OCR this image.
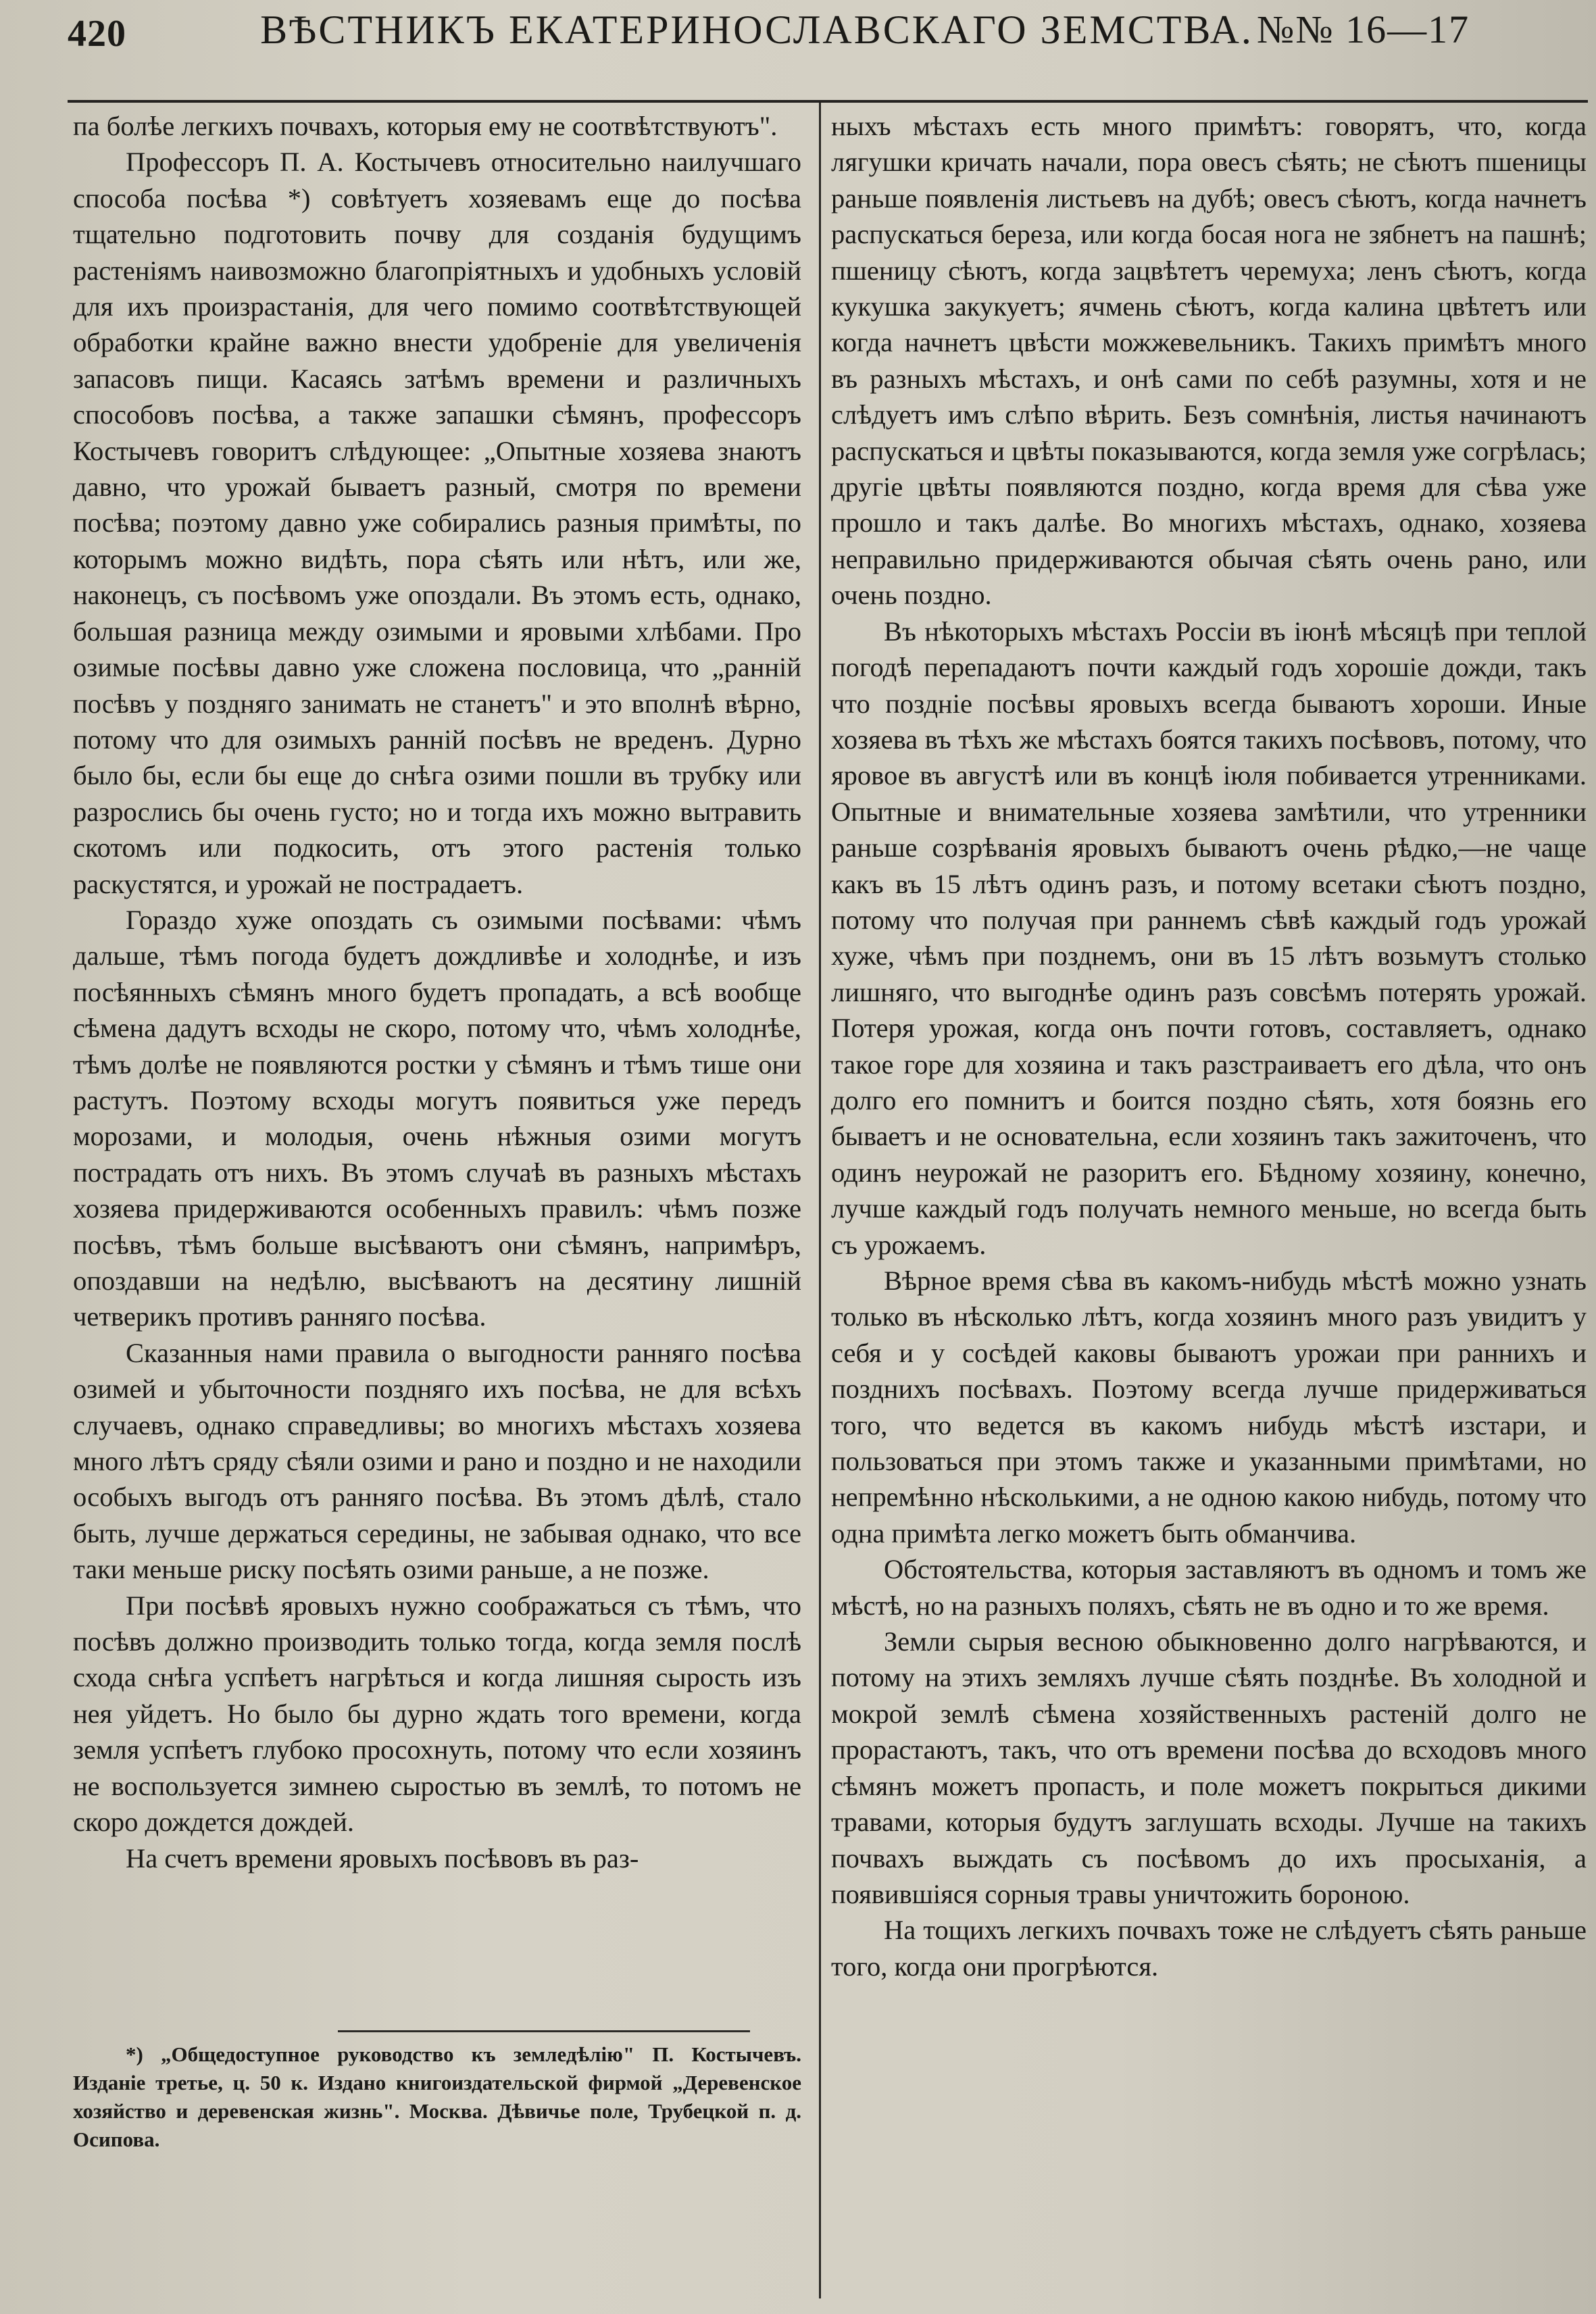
420	ВѢСТНИКЪ ЕКАТЕРИНОСЛАВСКАГО ЗЕМСТВА. №№ 16—17

па болѣе легкихъ почвахъ, которыя ему не соотвѣтствуютъ".

Профессоръ П. А. Костычевъ относительно наилучшаго способа посѣва *) совѣтуетъ хозяевамъ еще до посѣва тщательно подготовить почву для созданія будущимъ растеніямъ наивозможно благопріятныхъ и удобныхъ условій для ихъ произрастанія, для чего помимо соотвѣтствующей обработки крайне важно внести удобреніе для увеличенія запасовъ пищи. Касаясь затѣмъ времени и различныхъ способовъ посѣва, а также запашки сѣмянъ, профессоръ Костычевъ говоритъ слѣдующее: „Опытные хозяева знаютъ давно, что урожай бываетъ разный, смотря по времени посѣва; поэтому давно уже собирались разныя примѣты, по которымъ можно видѣть, пора сѣять или нѣтъ, или же, наконецъ, съ посѣвомъ уже опоздали. Въ этомъ есть, однако, большая разница между озимыми и яровыми хлѣбами. Про озимые посѣвы давно уже сложена пословица, что „ранній посѣвъ у поздняго занимать не станетъ" и это вполнѣ вѣрно, потому что для озимыхъ ранній посѣвъ не вреденъ. Дурно было бы, если бы еще до снѣга озими пошли въ трубку или разрослись бы очень густо; но и тогда ихъ можно вытравить скотомъ или подкосить, отъ этого растенія только раскустятся, и урожай не пострадаетъ.

Гораздо хуже опоздать съ озимыми посѣвами: чѣмъ дальше, тѣмъ погода будетъ дождливѣе и холоднѣе, и изъ посѣянныхъ сѣмянъ много будетъ пропадать, а всѣ вообще сѣмена дадутъ всходы не скоро, потому что, чѣмъ холоднѣе, тѣмъ долѣе не появляются ростки у сѣмянъ и тѣмъ тише они растутъ. Поэтому всходы могутъ появиться уже передъ морозами, и молодыя, очень нѣжныя озими могутъ пострадать отъ нихъ. Въ этомъ случаѣ въ разныхъ мѣстахъ хозяева придерживаются особенныхъ правилъ: чѣмъ позже посѣвъ, тѣмъ больше высѣваютъ они сѣмянъ, напримѣръ, опоздавши на недѣлю, высѣваютъ на десятину лишній четверикъ противъ ранняго посѣва.

Сказанныя нами правила о выгодности ранняго посѣва озимей и убыточности поздняго ихъ посѣва, не для всѣхъ случаевъ, однако справедливы; во многихъ мѣстахъ хозяева много лѣтъ сряду сѣяли озими и рано и поздно и не находили особыхъ выгодъ отъ ранняго посѣва. Въ этомъ дѣлѣ, стало быть, лучше держаться середины, не забывая однако, что все таки меньше риску посѣять озими раньше, а не позже.

При посѣвѣ яровыхъ нужно соображаться съ тѣмъ, что посѣвъ должно производить только тогда, когда земля послѣ схода снѣга успѣетъ нагрѣться и когда лишняя сырость изъ нея уйдетъ. Но было бы дурно ждать того времени, когда земля успѣетъ глубоко просохнуть, потому что если хозяинъ не воспользуется зимнею сыростью въ землѣ, то потомъ не скоро дождется дождей.

На счетъ времени яровыхъ посѣвовъ въ раз-

*) „Общедоступное руководство къ земледѣлію" П. Костычевъ. Изданіе третье, ц. 50 к. Издано книгоиздательской фирмой „Деревенское хозяйство и деревенская жизнь". Москва. Дѣвичье поле, Трубецкой п. д. Осипова.

ныхъ мѣстахъ есть много примѣтъ: говорятъ, что, когда лягушки кричать начали, пора овесъ сѣять; не сѣютъ пшеницы раньше появленія листьевъ на дубѣ; овесъ сѣютъ, когда начнетъ распускаться береза, или когда босая нога не зябнетъ на пашнѣ; пшеницу сѣютъ, когда зацвѣтетъ черемуха; ленъ сѣютъ, когда кукушка закукуетъ; ячмень сѣютъ, когда калина цвѣтетъ или когда начнетъ цвѣсти можжевельникъ. Такихъ примѣтъ много въ разныхъ мѣстахъ, и онѣ сами по себѣ разумны, хотя и не слѣдуетъ имъ слѣпо вѣрить. Безъ сомнѣнія, листья начинаютъ распускаться и цвѣты показываются, когда земля уже согрѣлась; другіе цвѣты появляются поздно, когда время для сѣва уже прошло и такъ далѣе. Во многихъ мѣстахъ, однако, хозяева неправильно придерживаются обычая сѣять очень рано, или очень поздно.

Въ нѣкоторыхъ мѣстахъ Россіи въ іюнѣ мѣсяцѣ при теплой погодѣ перепадаютъ почти каждый годъ хорошіе дожди, такъ что поздніе посѣвы яровыхъ всегда бываютъ хороши. Иные хозяева въ тѣхъ же мѣстахъ боятся такихъ посѣвовъ, потому, что яровое въ августѣ или въ концѣ іюля побивается утренниками. Опытные и внимательные хозяева замѣтили, что утренники раньше созрѣванія яровыхъ бываютъ очень рѣдко,—не чаще какъ въ 15 лѣтъ одинъ разъ, и потому всетаки сѣютъ поздно, потому что получая при раннемъ сѣвѣ каждый годъ урожай хуже, чѣмъ при позднемъ, они въ 15 лѣтъ возьмутъ столько лишняго, что выгоднѣе одинъ разъ совсѣмъ потерять урожай. Потеря урожая, когда онъ почти готовъ, составляетъ, однако такое горе для хозяина и такъ разстраиваетъ его дѣла, что онъ долго его помнитъ и боится поздно сѣять, хотя боязнь его бываетъ и не основательна, если хозяинъ такъ зажиточенъ, что одинъ неурожай не разоритъ его. Бѣдному хозяину, конечно, лучше каждый годъ получать немного меньше, но всегда быть съ урожаемъ.

Вѣрное время сѣва въ какомъ-нибудь мѣстѣ можно узнать только въ нѣсколько лѣтъ, когда хозяинъ много разъ увидитъ у себя и у сосѣдей каковы бываютъ урожаи при раннихъ и позднихъ посѣвахъ. Поэтому всегда лучше придерживаться того, что ведется въ какомъ нибудь мѣстѣ изстари, и пользоваться при этомъ также и указанными примѣтами, но непремѣнно нѣсколькими, а не одною какою нибудь, потому что одна примѣта легко можетъ быть обманчива.

Обстоятельства, которыя заставляютъ въ одномъ и томъ же мѣстѣ, но на разныхъ поляхъ, сѣять не въ одно и то же время.

Земли сырыя весною обыкновенно долго нагрѣваются, и потому на этихъ земляхъ лучше сѣять позднѣе. Въ холодной и мокрой землѣ сѣмена хозяйственныхъ растеній долго не прорастаютъ, такъ, что отъ времени посѣва до всходовъ много сѣмянъ можетъ пропасть, и поле можетъ покрыться дикими травами, которыя будутъ заглушать всходы. Лучше на такихъ почвахъ выждать съ посѣвомъ до ихъ просыханія, а появившіяся сорныя травы уничтожить бороною.

На тощихъ легкихъ почвахъ тоже не слѣдуетъ сѣять раньше того, когда они прогрѣются.
